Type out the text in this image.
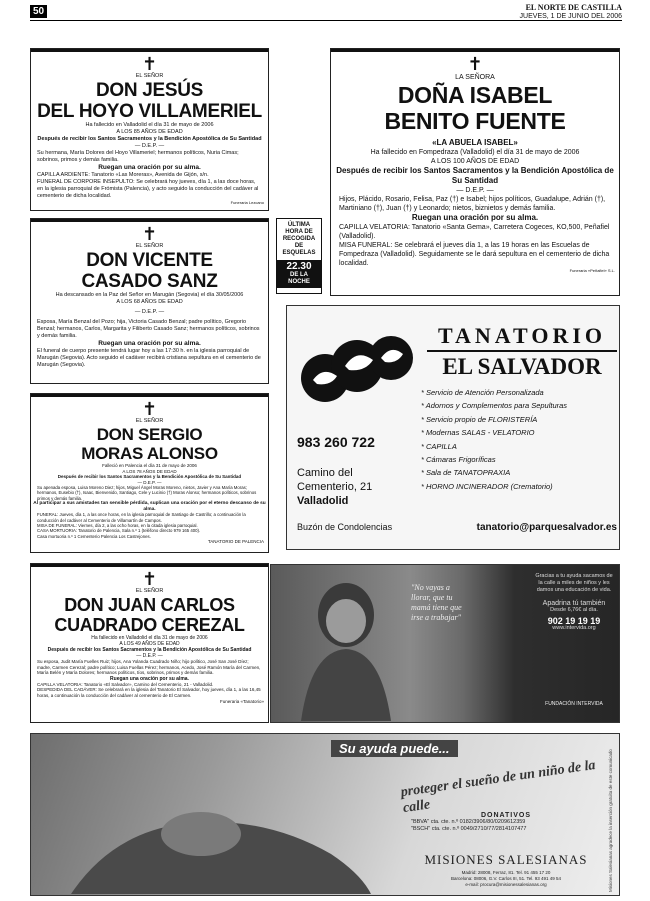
50	EL NORTE DE CASTILLA
JUEVES, 1 DE JUNIO DEL 2006
✝
EL SEÑOR
DON JESÚS
DEL HOYO VILLAMERIEL
Ha fallecido en Valladolid el día 31 de mayo de 2006
A LOS 85 AÑOS DE EDAD
Después de recibir los Santos Sacramentos y la Bendición Apostólica de Su Santidad
— D.E.P. —
Su hermana, María Dolores del Hoyo Villameriel; hermanos políticos, Nuria Cimas; sobrinos, primos y demás familia.
Ruegan una oración por su alma.
CAPILLA ARDIENTE: Tanatorio «Las Moreras», Avenida de Gijón, s/n.
FUNERAL DE CORPORE INSEPULTO: Se celebrará hoy jueves, día 1, a las doce horas, en la iglesia parroquial de Frómista (Palencia), y acto seguido la conducción del cadáver al cementerio de dicha localidad.
Funeraria Lezcano
✝
LA SEÑORA
DOÑA ISABEL
BENITO FUENTE
«LA ABUELA ISABEL»
Ha fallecido en Fompedraza (Valladolid) el día 31 de mayo de 2006
A LOS 100 AÑOS DE EDAD
Después de recibir los Santos Sacramentos y la Bendición Apostólica de Su Santidad
— D.E.P. —
Hijos, Plácido, Rosario, Felisa, Paz (†) e Isabel; hijos políticos, Guadalupe, Adrián (†), Martiniano (†), Juan (†) y Leonardo; nietos, biznietos y demás familia.
Ruegan una oración por su alma.
CAPILLA VELATORIA: Tanatorio «Santa Gema», Carretera Cogeces, KO,500, Peñafiel (Valladolid).
MISA FUNERAL: Se celebrará el jueves día 1, a las 19 horas en las Escuelas de Fompedraza (Valladolid). Seguidamente se le dará sepultura en el cementerio de dicha localidad.
Funeraria «Peñafiel» S.L.
ÚLTIMA
HORA DE
RECOGIDA
DE
ESQUELAS
22.30
DE LA
NOCHE
✝
EL SEÑOR
DON VICENTE
CASADO SANZ
Ha descansado en la Paz del Señor en Marugán (Segovia) el día 30/05/2006
A LOS 68 AÑOS DE EDAD
— D.E.P. —
Esposa, María Benzal del Pozo; hija, Victoria Casado Benzal; padre político, Gregorio Benzal; hermanos, Carlos, Margarita y Filiberto Casado Sanz; hermanos políticos, sobrinos y demás familia.
Ruegan una oración por su alma.
El funeral de cuerpo presente tendrá lugar hoy a las 17:30 h. en la iglesia parroquial de Marugán (Segovia). Acto seguido el cadáver recibirá cristiana sepultura en el cementerio de Marugán (Segovia).
✝
EL SEÑOR
DON SERGIO
MORAS ALONSO
Falleció en Palencia el día 31 de mayo de 2006
A LOS 78 AÑOS DE EDAD
Después de recibir los Santos Sacramentos y la Bendición Apostólica de Su Santidad
— D.E.P. —
Su apenada esposa, Luisa Moreno Diez; hijos, Miguel Ángel Moras Moreno, nietos, Javier y Ana María Moras; hermanos, Eusebio (†), Isaac, Bienvenido, Santiago, Cele y Lucinio (†) Moras Alonso; hermanos políticos, sobrinos primos y demás familia.
Al participar a sus amistades tan sensible pérdida, suplican una oración por el eterno descanso de su alma.
FUNERAL: Jueves, día 1, a las once horas, en la iglesia parroquial de Santiago de Castrillo; a continuación la conducción del cadáver al Cementerio de Villamartín de Campos.
MISA DE FUNERAL: Viernes, día 2, a las ocho horas, en la citada iglesia parroquial.
CASA MORTUORIA: Tanatorio de Palencia, Sala n.º 1 (teléfono directo 979 165 400).
Casa mortuoria n.º 1 Cementerio Palencia Los Castrejones.
TANATORIO DE PALENCIA
✝
EL SEÑOR
DON JUAN CARLOS
CUADRADO CEREZAL
Ha fallecido en Valladolid el día 31 de mayo de 2006
A LOS 49 AÑOS DE EDAD
Después de recibir los Santos Sacramentos y la Bendición Apostólica de Su Santidad
— D.E.P. —
Su esposa, Judit María Fuelles Ruiz; hijos, Ana Yolanda Cuadrado Niño; hijo político, José San José Díez; madre, Carmen Cerezal; padre político; Luisa Fuellas Pérez; hermanos, Acedo, José Ramón María del Carmen, María Belén y María Dolores; hermanos políticos, tíos, sobrinos, primos y demás familia.
Ruegan una oración por su alma.
CAPILLA VELATORIA: Tanatorio «El Salvador», Camino del Cementerio, 21 - Valladolid.
DESPEDIDA DEL CADÁVER: Se celebrará en la iglesia del Tanatorio El Salvador, hoy jueves, día 1, a las 16,45 horas, a continuación la conducción del cadáver al cementerio de El Carmen.
Funeraria «Tanatorio»
TANATORIO
EL SALVADOR
* Servicio de Atención Personalizada
* Adornos y Complementos para Sepulturas
* Servicio propio de FLORISTERÍA
* Modernas SALAS - VELATORIO
* CAPILLA
* Cámaras Frigoríficas
* Sala de TANATOPRAXIA
* HORNO INCINERADOR (Crematorio)
983 260 722
Camino del
Cementerio, 21
Valladolid
Buzón de Condolencias	tanatorio@parquesalvador.es
"No vayas a
llorar, que tu
mamá tiene que
irse a trabajar"
Gracias a tu ayuda sacamos de la calle a miles de niños y les damos una educación de vida.
Apadrina tú también
Desde 6,76€ al día.
902 19 19 19
www.intervida.org
FUNDACIÓN INTERVIDA
Su ayuda puede...
proteger el sueño de un niño de la calle	DONATIVOS
"BBVA" cta. cte. n.º 0182/3906/80/0209612359
"BSCH" cta. cte. n.º 0049/2710/77/2814107477
MISIONES SALESIANAS
Madrid: 28008, Ferraz, 81. Tel. 91 455 17 20
Barcelona: 08006, G.V. Carlos III, 51. Tel. 93 491 49 54
e-mail: procura@misionessalesianas.org	Misiones Salesianas agradece la inserción gratuita de este comunicado
